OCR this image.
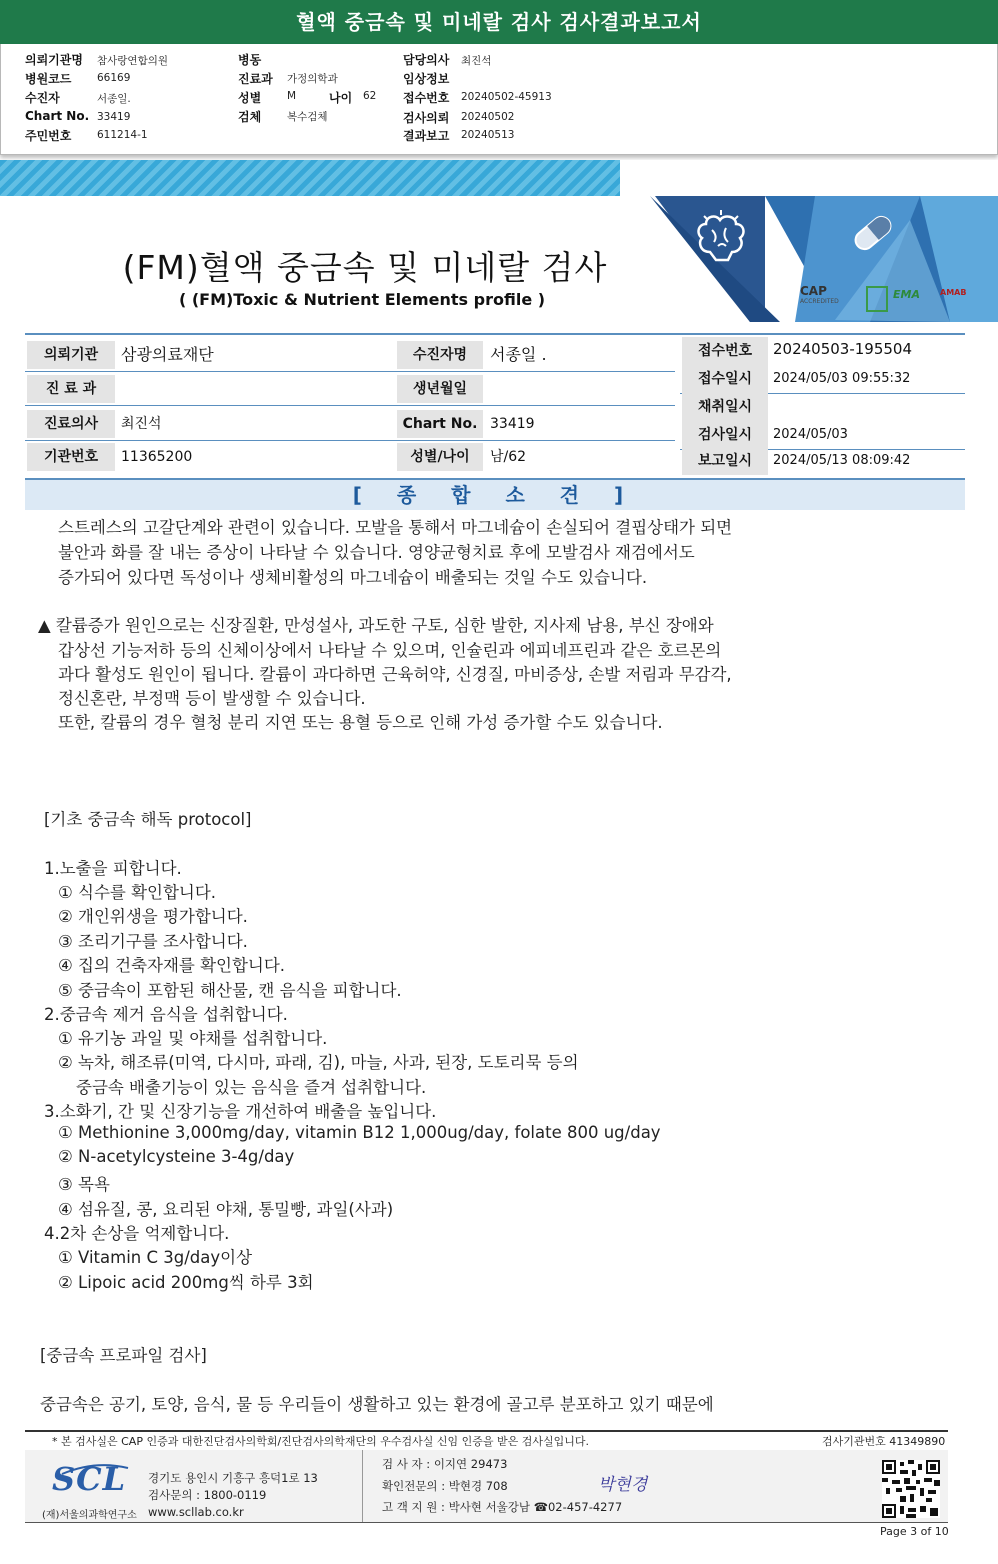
혈액 중금속 및 미네랄 검사 검사결과보고서
의뢰기관명 참사랑연합의원
병원코드 66169
수진자	서종일.
Chart No. 33419
주민번호 611214-1
병동
진료과 가정의학과
성별 M	나이 62
검체 복수검체
담당의사 최진석
임상정보
접수번호 20240502-45913
검사의뢰 20240502
결과보고 20240513
CAP
ACCREDITED
EMA	AMAB
(FM)혈액 중금속 및 미네랄 검사
( (FM)Toxic & Nutrient Elements profile )
의뢰기관	삼광의료재단	수진자명	서종일 .
진 료 과	생년월일
진료의사	최진석	Chart No. 33419
기관번호	11365200	성별/나이	남/62
접수번호	20240503-195504
접수일시	2024/05/03 09:55:32
채취일시
검사일시	2024/05/03
보고일시	2024/05/13 08:09:42
[ 종 합 소 견 ]
스트레스의 고갈단계와 관련이 있습니다. 모발을 통해서 마그네슘이 손실되어 결핍상태가 되면
불안과 화를 잘 내는 증상이 나타날 수 있습니다. 영양균형치료 후에 모발검사 재검에서도
증가되어 있다면 독성이나 생체비활성의 마그네슘이 배출되는 것일 수도 있습니다.
▲ 칼륨증가 원인으로는 신장질환, 만성설사, 과도한 구토, 심한 발한, 지사제 남용, 부신 장애와
갑상선 기능저하 등의 신체이상에서 나타날 수 있으며, 인슐린과 에피네프린과 같은 호르몬의
과다 활성도 원인이 됩니다. 칼륨이 과다하면 근육허약, 신경질, 마비증상, 손발 저림과 무감각,
정신혼란, 부정맥 등이 발생할 수 있습니다.
또한, 칼륨의 경우 혈청 분리 지연 또는 용혈 등으로 인해 가성 증가할 수도 있습니다.
[기초 중금속 해독 protocol]
1.노출을 피합니다.
① 식수를 확인합니다.
② 개인위생을 평가합니다.
③ 조리기구를 조사합니다.
④ 집의 건축자재를 확인합니다.
⑤ 중금속이 포함된 해산물, 캔 음식을 피합니다.
2.중금속 제거 음식을 섭취합니다.
① 유기농 과일 및 야채를 섭취합니다.
② 녹차, 해조류(미역, 다시마, 파래, 김), 마늘, 사과, 된장, 도토리묵 등의
중금속 배출기능이 있는 음식을 즐겨 섭취합니다.
3.소화기, 간 및 신장기능을 개선하여 배출을 높입니다.
① Methionine 3,000mg/day, vitamin B12 1,000ug/day, folate 800 ug/day
② N-acetylcysteine 3-4g/day
③ 목욕
④ 섬유질, 콩, 요리된 야채, 통밀빵, 과일(사과)
4.2차 손상을 억제합니다.
① Vitamin C 3g/day이상
② Lipoic acid 200mg씩 하루 3회
[중금속 프로파일 검사]
중금속은 공기, 토양, 음식, 물 등 우리들이 생활하고 있는 환경에 골고루 분포하고 있기 때문에
* 본 검사실은 CAP 인증과 대한진단검사의학회/진단검사의학재단의 우수검사실 신임 인증을 받은 검사실입니다.	검사기관번호 41349890
SCL
(재)서울의과학연구소
경기도 용인시 기흥구 흥덕1로 13
검사문의 : 1800-0119
www.scllab.co.kr
검 사 자 : 이지연 29473
확인전문의 : 박현경 708
고 객 지 원 : 박사현 서울강남 ☎02-457-4277
박현경
Page 3 of 10
